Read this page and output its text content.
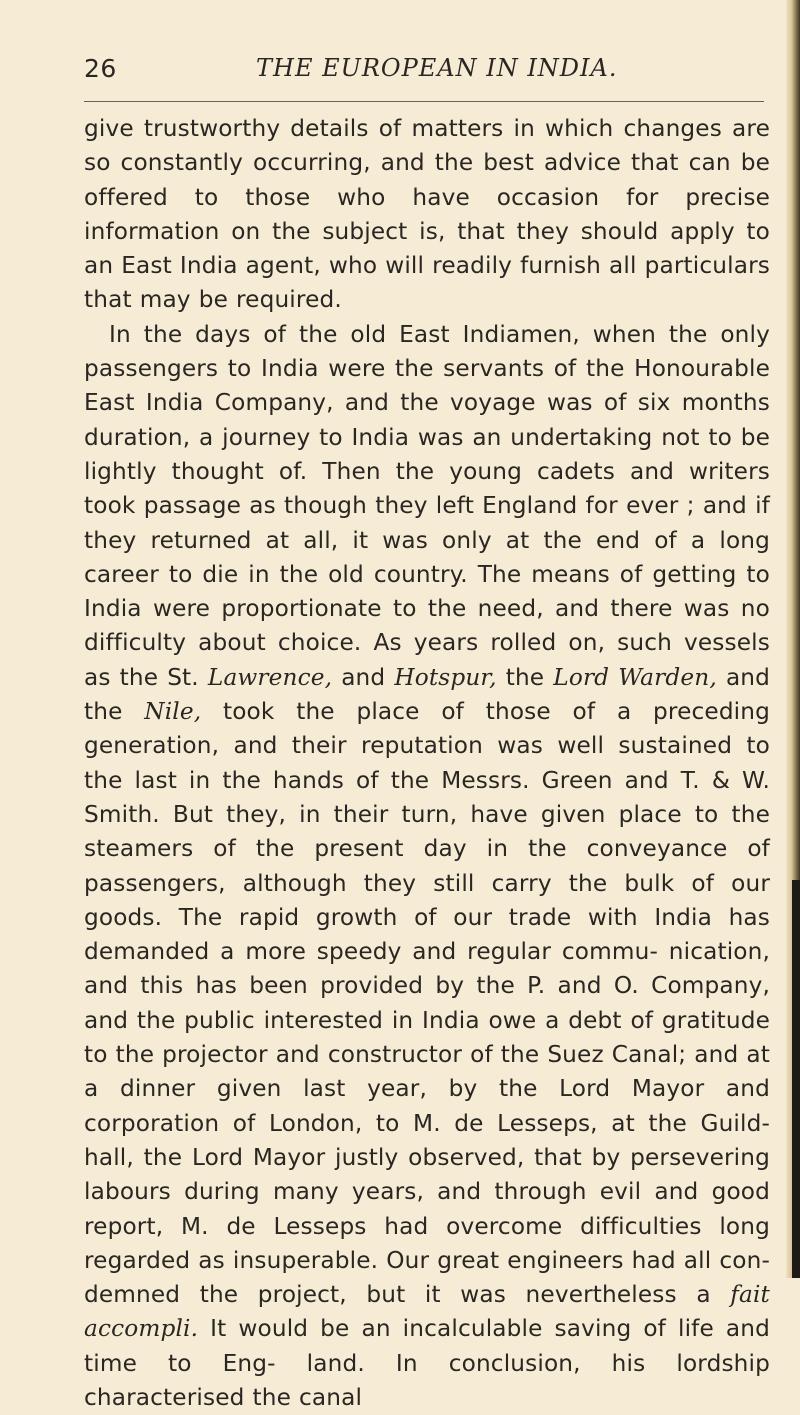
26	THE EUROPEAN IN INDIA.

give trustworthy details of matters in which changes are so constantly occurring, and the best advice that can be offered to those who have occasion for precise information on the subject is, that they should apply to an East India agent, who will readily furnish all particulars that may be required.

In the days of the old East Indiamen, when the only passengers to India were the servants of the Honourable East India Company, and the voyage was of six months duration, a journey to India was an undertaking not to be lightly thought of. Then the young cadets and writers took passage as though they left England for ever ; and if they returned at all, it was only at the end of a long career to die in the old country. The means of getting to India were proportionate to the need, and there was no difficulty about choice. As years rolled on, such vessels as the St. Lawrence, and Hotspur, the Lord Warden, and the Nile, took the place of those of a preceding generation, and their reputation was well sustained to the last in the hands of the Messrs. Green and T. & W. Smith. But they, in their turn, have given place to the steamers of the present day in the conveyance of passengers, although they still carry the bulk of our goods. The rapid growth of our trade with India has demanded a more speedy and regular commu- nication, and this has been provided by the P. and O. Company, and the public interested in India owe a debt of gratitude to the projector and constructor of the Suez Canal; and at a dinner given last year, by the Lord Mayor and corporation of London, to M. de Lesseps, at the Guild- hall, the Lord Mayor justly observed, that by persevering labours during many years, and through evil and good report, M. de Lesseps had overcome difficulties long regarded as insuperable. Our great engineers had all con- demned the project, but it was nevertheless a fait accompli. It would be an incalculable saving of life and time to Eng- land. In conclusion, his lordship characterised the canal
